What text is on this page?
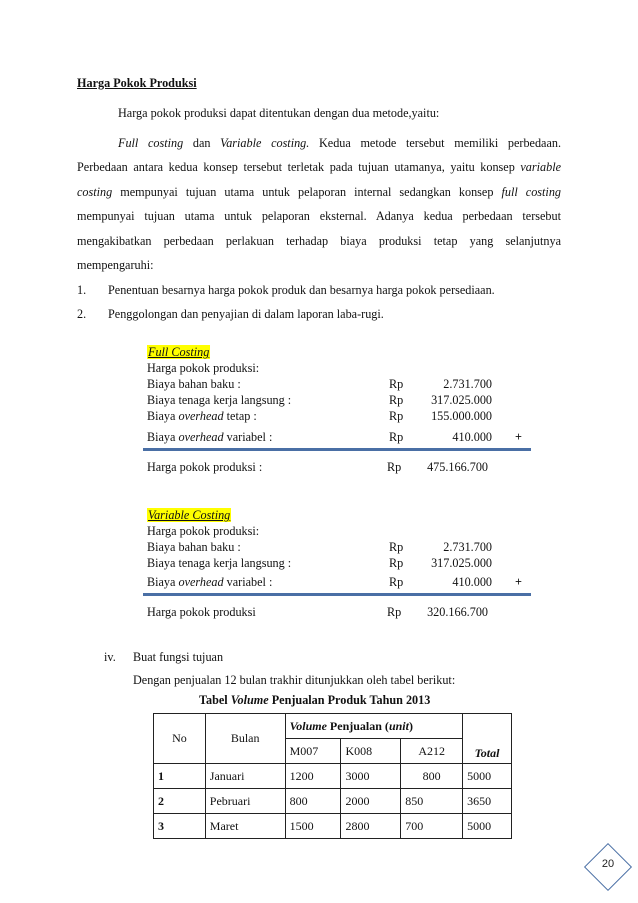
Harga Pokok Produksi
Harga pokok produksi dapat ditentukan dengan dua metode,yaitu:
Full costing dan Variable costing. Kedua metode tersebut memiliki perbedaan.
Perbedaan antara kedua konsep tersebut terletak pada tujuan utamanya, yaitu konsep variable
costing mempunyai tujuan utama untuk pelaporan internal sedangkan konsep full costing
mempunyai tujuan utama untuk pelaporan eksternal. Adanya kedua perbedaan tersebut
mengakibatkan perbedaan perlakuan terhadap biaya produksi tetap yang selanjutnya
mempengaruhi:
1. Penentuan besarnya harga pokok produk dan besarnya harga pokok persediaan.
2. Penggolongan dan penyajian di dalam laporan laba-rugi.
Full Costing
Harga pokok produksi:
Biaya bahan baku :	Rp	2.731.700
Biaya tenaga kerja langsung :	Rp	317.025.000
Biaya overhead tetap :	Rp	155.000.000
Biaya overhead variabel :	Rp	410.000 +
Harga pokok produksi :	Rp	475.166.700
Variable Costing
Harga pokok produksi:
Biaya bahan baku :	Rp	2.731.700
Biaya tenaga kerja langsung :	Rp	317.025.000
Biaya overhead variabel :	Rp	410.000 +
Harga pokok produksi	Rp	320.166.700
iv. Buat fungsi tujuan
Dengan penjualan 12 bulan trakhir ditunjukkan oleh tabel berikut:
Tabel Volume Penjualan Produk Tahun 2013
No	Bulan	Volume Penjualan (unit)			Total
		M007	K008	A212	
1	Januari	1200	3000	800	5000
2	Pebruari	800	2000	850	3650
3	Maret	1500	2800	700	5000
20
